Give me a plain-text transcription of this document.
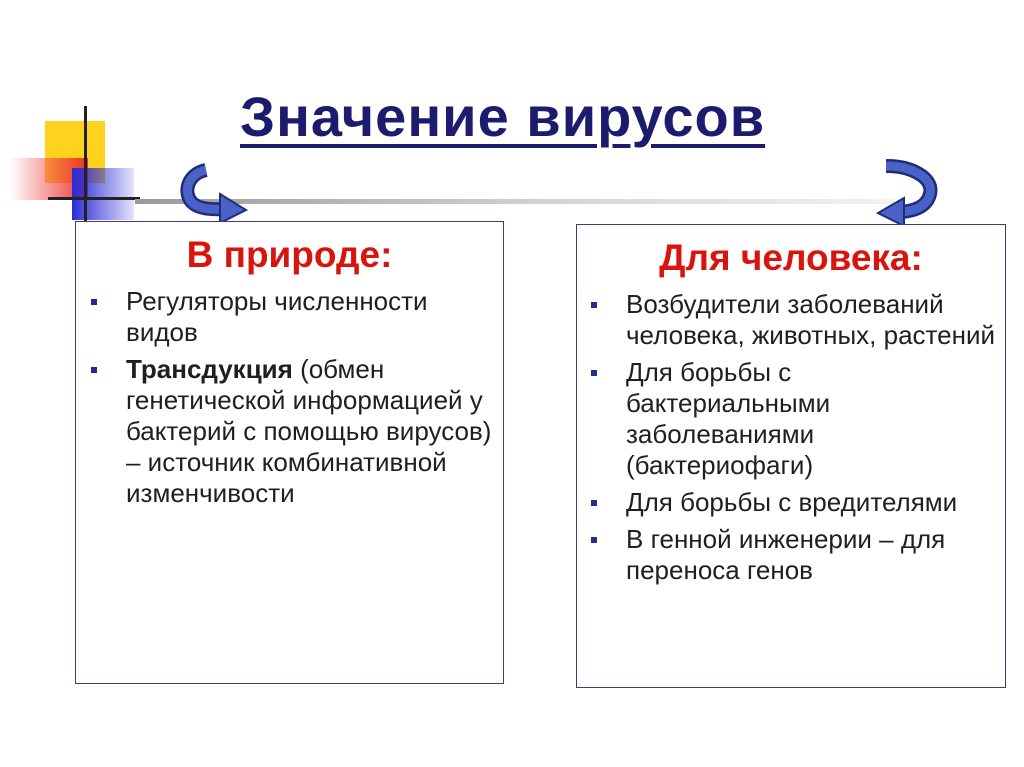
Значение вирусов
В природе:
Регуляторы численности видов
Трансдукция (обмен генетической информацией у бактерий с помощью вирусов) – источник комбинативной изменчивости
Для человека:
Возбудители заболеваний человека, животных, растений
Для борьбы с бактериальными заболеваниями (бактериофаги)
Для борьбы с вредителями
В генной инженерии – для переноса генов
